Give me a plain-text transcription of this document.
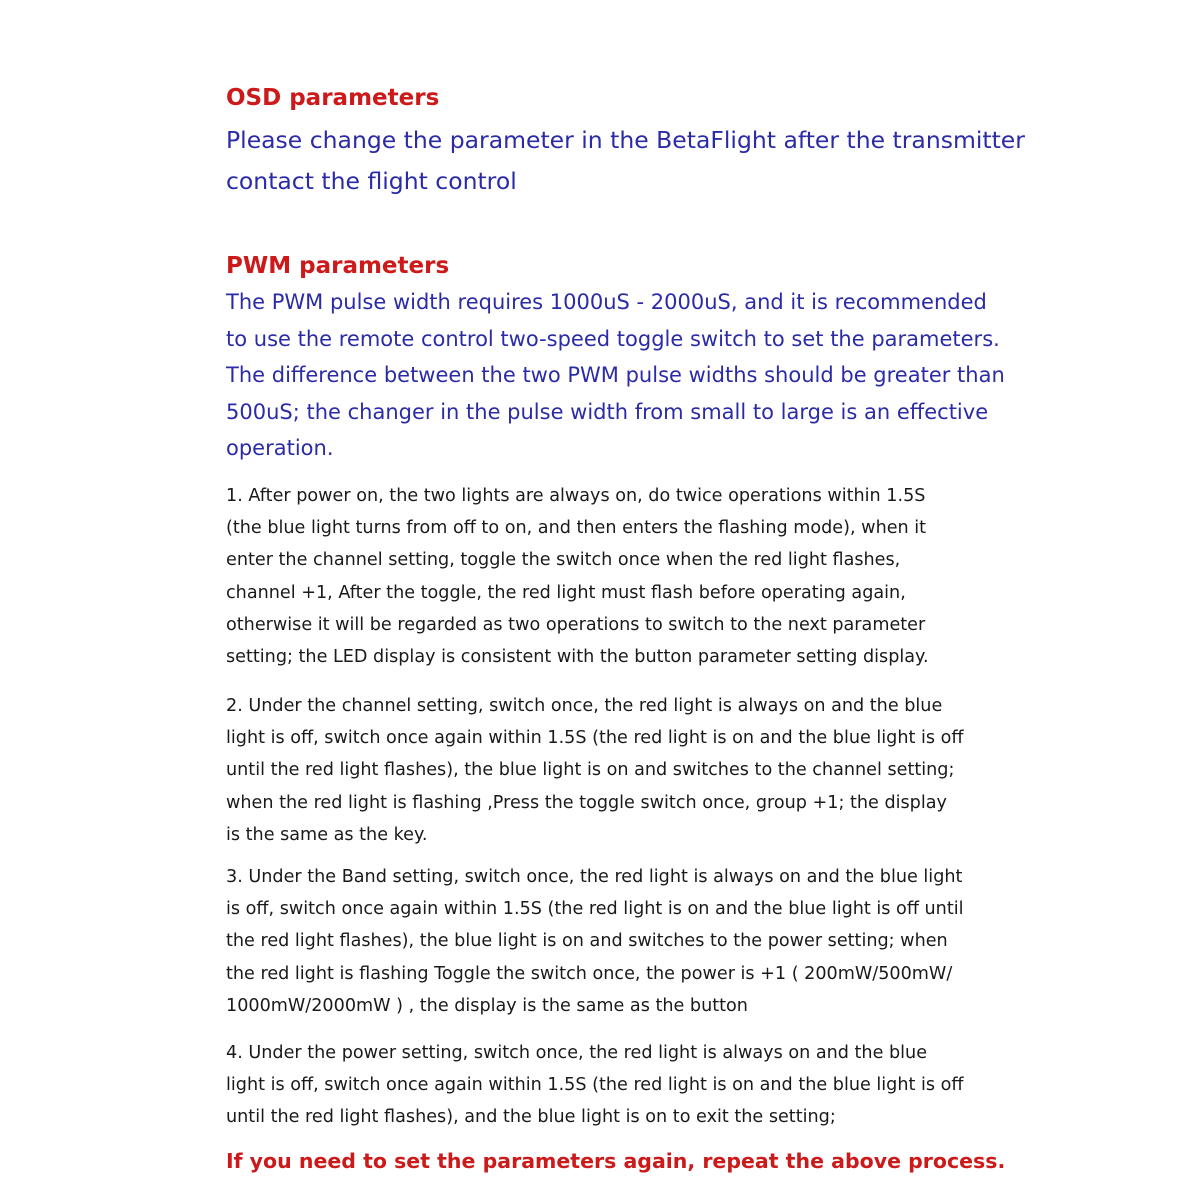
OSD parameters
Please change the parameter in the BetaFlight after the transmitter
contact the flight control
PWM parameters
The PWM pulse width requires 1000uS - 2000uS, and it is recommended
to use the remote control two-speed toggle switch to set the parameters.
The difference between the two PWM pulse widths should be greater than
500uS; the changer in the pulse width from small to large is an effective
operation.
1. After power on, the two lights are always on, do twice operations within 1.5S
(the blue light turns from off to on, and then enters the flashing mode), when it
enter the channel setting, toggle the switch once when the red light flashes,
channel +1, After the toggle, the red light must flash before operating again,
otherwise it will be regarded as two operations to switch to the next parameter
setting; the LED display is consistent with the button parameter setting display.
2. Under the channel setting, switch once, the red light is always on and the blue
light is off, switch once again within 1.5S (the red light is on and the blue light is off
until the red light flashes), the blue light is on and switches to the channel setting;
when the red light is flashing ,Press the toggle switch once, group +1; the display
is the same as the key.
3. Under the Band setting, switch once, the red light is always on and the blue light
is off, switch once again within 1.5S (the red light is on and the blue light is off until
the red light flashes), the blue light is on and switches to the power setting; when
the red light is flashing Toggle the switch once, the power is +1 ( 200mW/500mW/
1000mW/2000mW ) , the display is the same as the button
4. Under the power setting, switch once, the red light is always on and the blue
light is off, switch once again within 1.5S (the red light is on and the blue light is off
until the red light flashes), and the blue light is on to exit the setting;
If you need to set the parameters again, repeat the above process.
